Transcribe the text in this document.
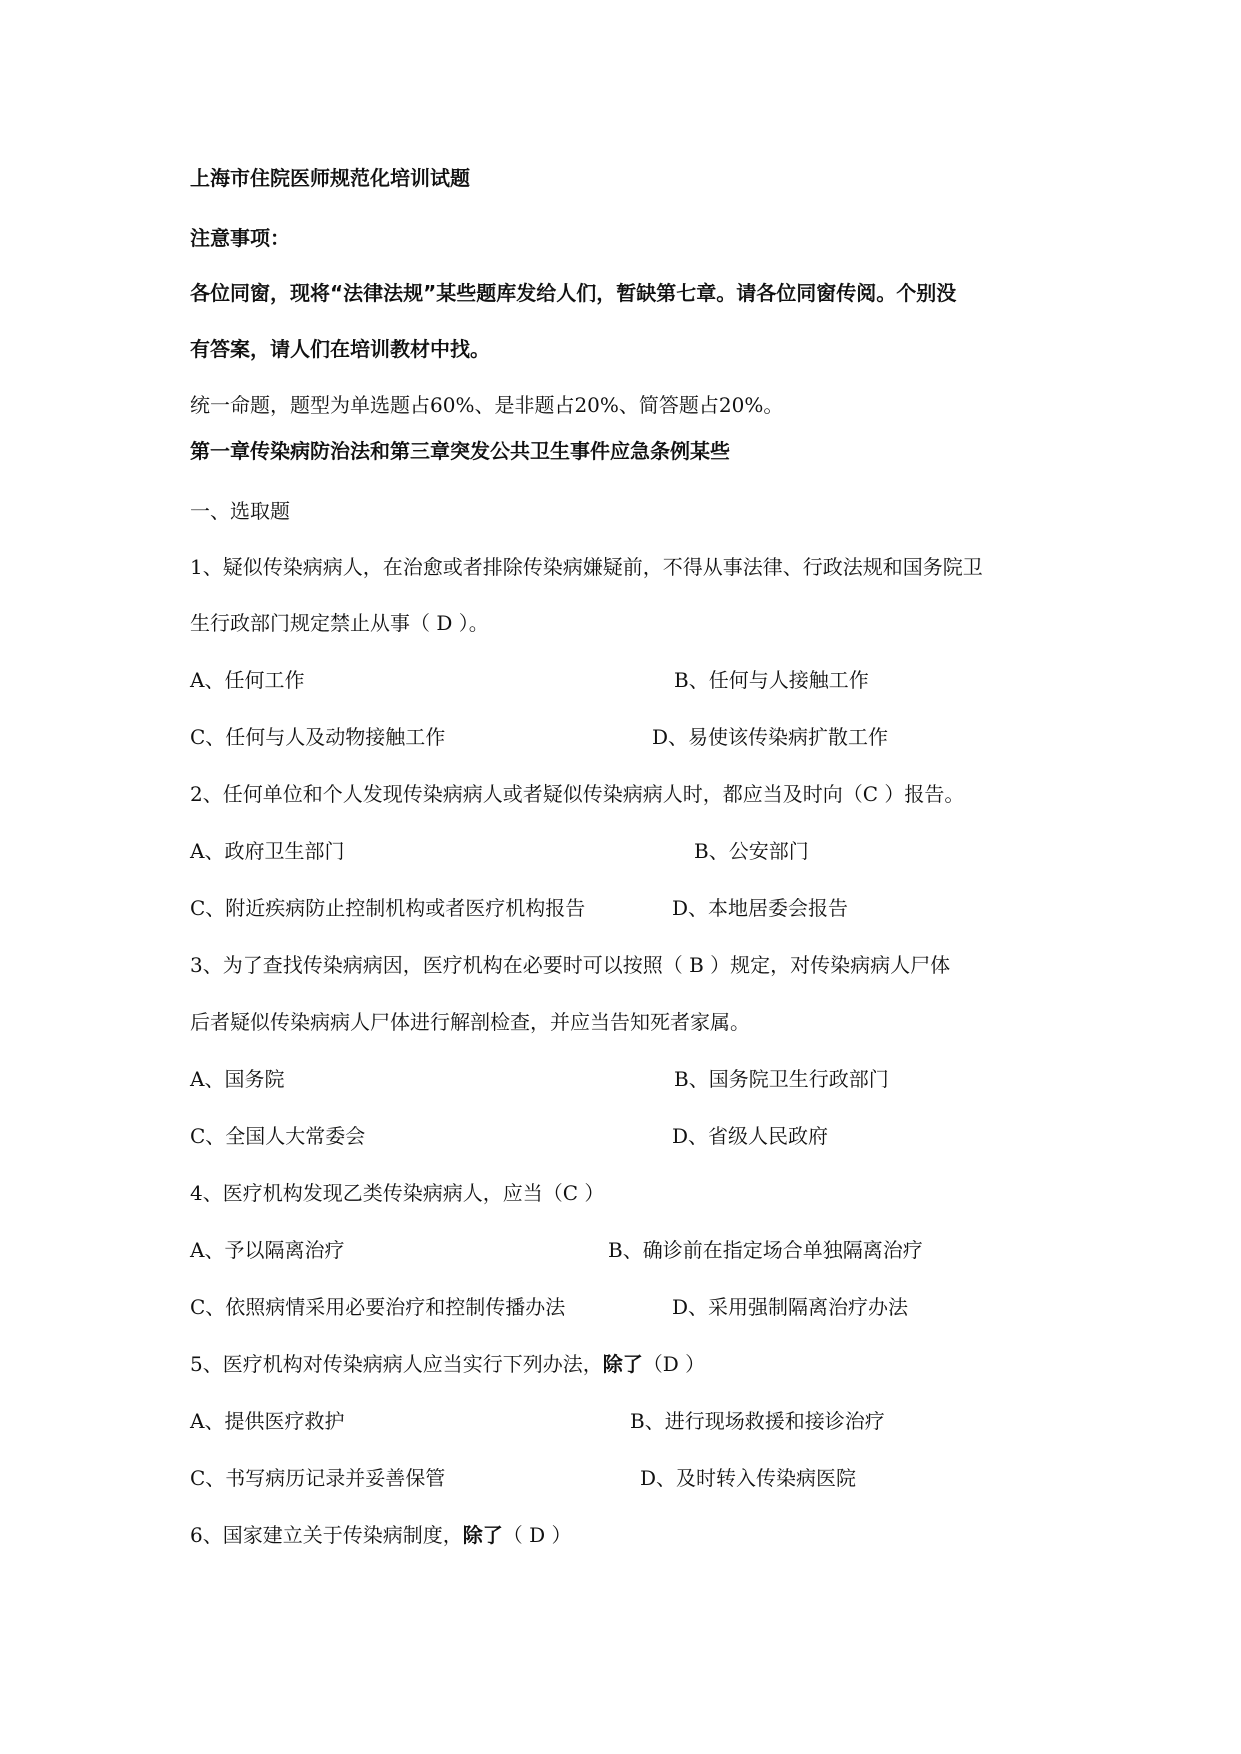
上海市住院医师规范化培训试题
注意事项：
各位同窗，现将“法律法规”某些题库发给人们，暂缺第七章。请各位同窗传阅。个别没
有答案，请人们在培训教材中找。
统一命题，题型为单选题占60%、是非题占20%、简答题占20%。
第一章传染病防治法和第三章突发公共卫生事件应急条例某些
一、选取题
1、疑似传染病病人，在治愈或者排除传染病嫌疑前，不得从事法律、行政法规和国务院卫
生行政部门规定禁止从事（ D ）。
A、任何工作	B、任何与人接触工作
C、任何与人及动物接触工作	D、易使该传染病扩散工作
2、任何单位和个人发现传染病病人或者疑似传染病病人时，都应当及时向（C ）报告。
A、政府卫生部门	B、公安部门
C、附近疾病防止控制机构或者医疗机构报告	D、本地居委会报告
3、为了查找传染病病因，医疗机构在必要时可以按照（ B ）规定，对传染病病人尸体
后者疑似传染病病人尸体进行解剖检查，并应当告知死者家属。
A、国务院	B、国务院卫生行政部门
C、全国人大常委会	D、省级人民政府
4、医疗机构发现乙类传染病病人，应当（C ）
A、予以隔离治疗	B、确诊前在指定场合单独隔离治疗
C、依照病情采用必要治疗和控制传播办法	D、采用强制隔离治疗办法
5、医疗机构对传染病病人应当实行下列办法，除了（D ）
A、提供医疗救护	B、进行现场救援和接诊治疗
C、书写病历记录并妥善保管	D、及时转入传染病医院
6、国家建立关于传染病制度，除了（ D ）
